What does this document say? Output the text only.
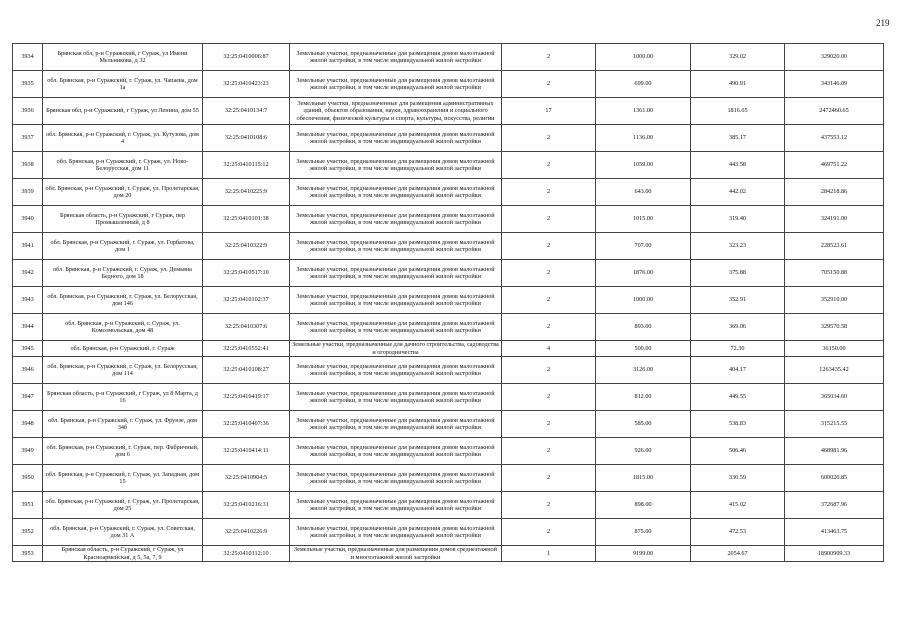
219
3934	Брянская обл, р-н Суражский, г Сураж, ул Имени Мельникова, д 32	32:25:0410006:87	Земельные участки, предназначенные для размещения домов малоэтажной жилой застройки, в том числе индивидуальной жилой застройки	2	1000.00	329.02	329020.00
3935	обл. Брянская, р-н Суражский, г. Сураж, ул. Чапаева, дом 1а	32:25:0410423:23	Земельные участки, предназначенные для размещения домов малоэтажной жилой застройки, в том числе индивидуальной жилой застройки	2	699.00	490.91	343146.09
3936	Брянская обл, р-н Суражский, г Сураж, ул Ленина, дом 55	32:25:0410134:7	Земельные участки, предназначенные для размещения административных зданий, объектов образования, науки, здравоохранения и социального обеспечения, физической культуры и спорта, культуры, искусства, религии	17	1361.00	1816.65	2472460.65
3937	обл. Брянская, р-н Суражский, г. Сураж, ул. Кутузова, дом 4	32:25:0410108:6	Земельные участки, предназначенные для размещения домов малоэтажной жилой застройки, в том числе индивидуальной жилой застройки	2	1136.00	385.17	437553.12
3938	обл. Брянская, р-н Суражский, г. Сураж, ул. Ново-Белорусская, дом 11	32:25:0410115:12	Земельные участки, предназначенные для размещения домов малоэтажной жилой застройки, в том числе индивидуальной жилой застройки	2	1059.00	443.58	469751.22
3939	обл. Брянская, р-н Суражский, г. Сураж, ул. Пролетарская, дом 20	32:25:0410225:9	Земельные участки, предназначенные для размещения домов малоэтажной жилой застройки, в том числе индивидуальной жилой застройки	2	643.00	442.02	284218.86
3940	Брянская область, р-н Суражский, г Сураж, пер Промышленный, д 8	32:25:0410101:38	Земельные участки, предназначенные для размещения домов малоэтажной жилой застройки, в том числе индивидуальной жилой застройки	2	1015.00	319.40	324191.00
3941	обл. Брянская, р-н Суражский, г. Сураж, ул. Горбатова, дом 1	32:25:0410322:9	Земельные участки, предназначенные для размещения домов малоэтажной жилой застройки, в том числе индивидуальной жилой застройки	2	707.00	323.23	228523.61
3942	обл. Брянская, р-н Суражский, г. Сураж, ул. Демьяна Бедного, дом 18	32:25:0410517:10	Земельные участки, предназначенные для размещения домов малоэтажной жилой застройки, в том числе индивидуальной жилой застройки	2	1876.00	375.88	705150.88
3943	обл. Брянская, р-н Суражский, г. Сураж, ул. Белорусская, дом 146	32:25:0410102:37	Земельные участки, предназначенные для размещения домов малоэтажной жилой застройки, в том числе индивидуальной жилой застройки	2	1000.00	352.91	352910.00
3944	обл. Брянская, р-н Суражский, г. Сураж, ул. Комсомольская, дом 48	32:25:0410307:6	Земельные участки, предназначенные для размещения домов малоэтажной жилой застройки, в том числе индивидуальной жилой застройки	2	893.00	369.06	329570.58
3945	обл. Брянская, р-н Суражский, г. Сураж	32:25:0410552:41	Земельные участки, предназначенные для дачного строительства, садоводства и огородничества	4	500.00	72.30	36150.00
3946	обл. Брянская, р-н Суражский, г. Сураж, ул. Белорусская, дом 114	32:25:0410108:27	Земельные участки, предназначенные для размещения домов малоэтажной жилой застройки, в том числе индивидуальной жилой застройки	2	3126.00	404.17	1263435.42
3947	Брянская область, р-н Суражский, г Сураж, ул 8 Марта, д 16	32:25:0410419:17	Земельные участки, предназначенные для размещения домов малоэтажной жилой застройки, в том числе индивидуальной жилой застройки	2	812.00	449.55	365034.60
3948	обл. Брянская, р-н Суражский, г. Сураж, ул. Фрунзе, дом 34б	32:25:0410407:36	Земельные участки, предназначенные для размещения домов малоэтажной жилой застройки, в том числе индивидуальной жилой застройки	2	585.00	538.83	315215.55
3949	обл. Брянская, р-н Суражский, г. Сураж, пер. Фабричный, дом 6	32:25:0410414:11	Земельные участки, предназначенные для размещения домов малоэтажной жилой застройки, в том числе индивидуальной жилой застройки	2	926.00	506.46	468981.96
3950	обл. Брянская, р-н Суражский, г. Сураж, ул. Западная, дом 15	32:25:0410904:5	Земельные участки, предназначенные для размещения домов малоэтажной жилой застройки, в том числе индивидуальной жилой застройки	2	1815.00	330.59	600020.85
3951	обл. Брянская, р-н Суражский, г. Сураж, ул. Пролетарская, дом 25	32:25:0410216:31	Земельные участки, предназначенные для размещения домов малоэтажной жилой застройки, в том числе индивидуальной жилой застройки	2	898.00	415.02	372687.96
3952	обл. Брянская, р-н Суражский, г. Сураж, ул. Советская, дом 31 А	32:25:0410226:9	Земельные участки, предназначенные для размещения домов малоэтажной жилой застройки, в том числе индивидуальной жилой застройки	2	875.00	472.53	413463.75
3953	Брянская область, р-н Суражский, г Сураж, ул Красноармейская, д 5, 5а, 7, 9	32:25:0410112:10	Земельные участки, предназначенные для размещения домов среднеэтажной и многоэтажной жилой застройки	1	9199.00	2054.67	18900909.33
